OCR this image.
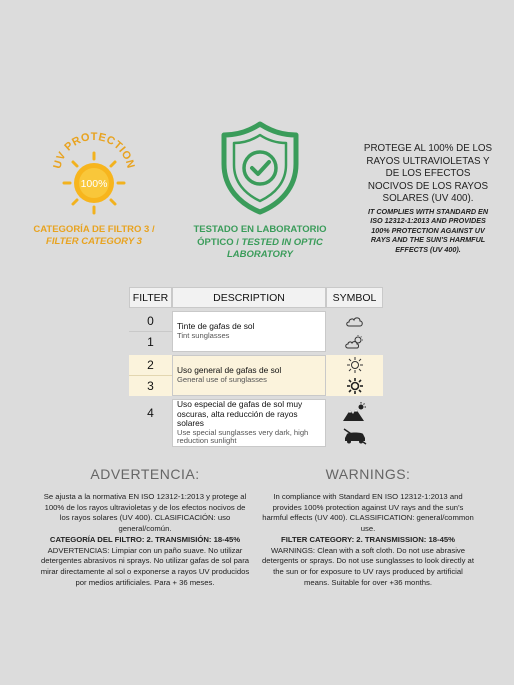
UV PROTECTION
100%
CATEGORÍA DE FILTRO 3 /
FILTER CATEGORY 3
TESTADO EN LABORATORIO ÓPTICO / TESTED IN OPTIC LABORATORY
PROTEGE AL 100% DE LOS RAYOS ULTRAVIOLETAS Y DE LOS EFECTOS NOCIVOS DE LOS RAYOS SOLARES (UV 400).
IT COMPLIES WITH STANDARD EN ISO 12312-1:2013 AND PROVIDES 100% PROTECTION AGAINST UV RAYS AND THE SUN'S HARMFUL EFFECTS (UV 400).
FILTER	DESCRIPTION	SYMBOL
0
1
Tinte de gafas de sol
Tint sunglasses
2
3
Uso general de gafas de sol
General use of sunglasses
4
Uso especial de gafas de sol muy oscuras, alta reducción de rayos solares
Use special sunglasses very dark, high reduction sunlight
ADVERTENCIA:
Se ajusta a la normativa EN ISO 12312-1:2013 y protege al 100% de los rayos ultravioletas y de los efectos nocivos de los rayos solares (UV 400). CLASIFICACIÓN: uso general/común.
CATEGORÍA DEL FILTRO: 2. TRANSMISIÓN: 18-45%
ADVERTENCIAS: Limpiar con un paño suave. No utilizar detergentes abrasivos ni sprays. No utilizar gafas de sol para mirar directamente al sol o exponerse a rayos UV producidos por medios artificiales. Para + 36 meses.
WARNINGS:
In compliance with Standard EN ISO 12312-1:2013 and provides 100% protection against UV rays and the sun's harmful effects (UV 400). CLASSIFICATION: general/common use.
FILTER CATEGORY: 2. TRANSMISSION: 18-45%
WARNINGS: Clean with a soft cloth. Do not use abrasive detergents or sprays. Do not use sunglasses to look directly at the sun or for exposure to UV rays produced by artificial means. Suitable for over +36 months.
